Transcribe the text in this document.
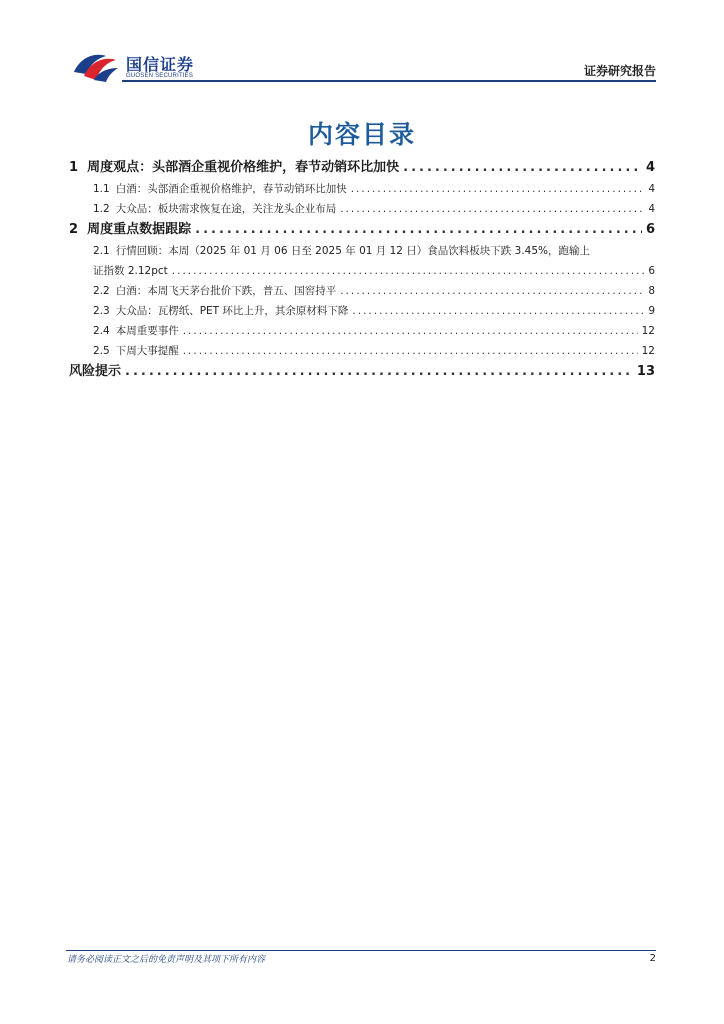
国信证券
GUOSEN SECURITIES	证券研究报告
内容目录
1 周度观点：头部酒企重视价格维护，春节动销环比加快 .....	4
1.1 白酒：头部酒企重视价格维护，春节动销环比加快 .....	4
1.2 大众品：板块需求恢复在途，关注龙头企业布局 .....	4
2 周度重点数据跟踪 .....	6
2.1 行情回顾：本周（2025 年 01 月 06 日至 2025 年 01 月 12 日）食品饮料板块下跌 3.45%，跑输上
证指数 2.12pct .....	6
2.2 白酒：本周飞天茅台批价下跌，普五、国窖持平 .....	8
2.3 大众品：瓦楞纸、PET 环比上升，其余原材料下降 .....	9
2.4 本周重要事件 .....	12
2.5 下周大事提醒 .....	12
风险提示 .....	13
请务必阅读正文之后的免责声明及其项下所有内容	2
